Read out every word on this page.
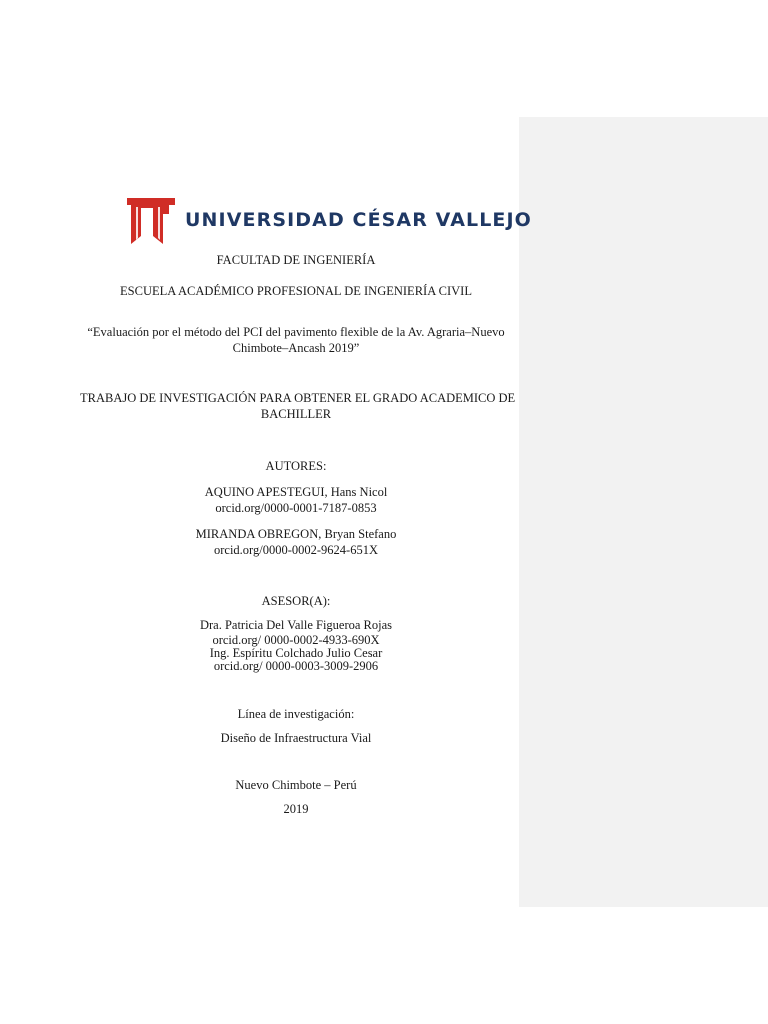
UNIVERSIDAD CÉSAR VALLEJO
FACULTAD DE INGENIERÍA
ESCUELA ACADÉMICO PROFESIONAL DE INGENIERÍA CIVIL
“Evaluación por el método del PCI del pavimento flexible de la Av. Agraria–Nuevo
Chimbote–Ancash 2019”
TRABAJO DE INVESTIGACIÓN PARA OBTENER EL GRADO ACADEMICO DE
BACHILLER
AUTORES:
AQUINO APESTEGUI, Hans Nicol
orcid.org/0000-0001-7187-0853
MIRANDA OBREGON, Bryan Stefano
orcid.org/0000-0002-9624-651X
ASESOR(A):
Dra. Patricia Del Valle Figueroa Rojas
orcid.org/ 0000-0002-4933-690X
Ing. Espíritu Colchado Julio Cesar
orcid.org/ 0000-0003-3009-2906
Línea de investigación:
Diseño de Infraestructura Vial
Nuevo Chimbote – Perú
2019
